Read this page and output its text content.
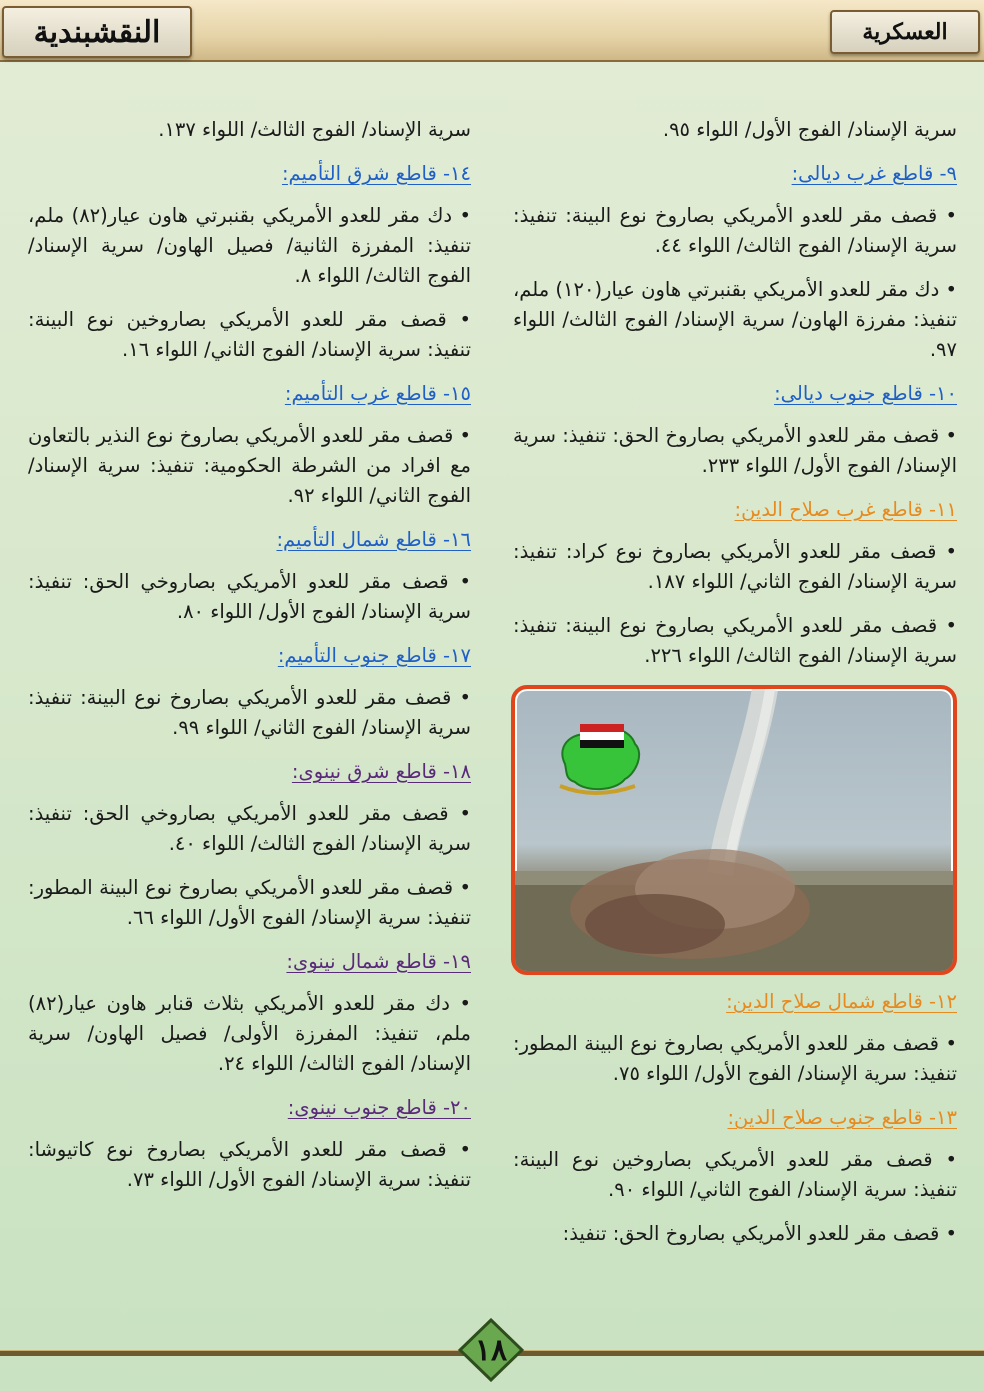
النقشبندية	العسكرية

سرية الإسناد/ الفوج الأول/ اللواء ٩٥.

٩- قاطع غرب ديالى:

• قصف مقر للعدو الأمريكي بصاروخ نوع البينة: تنفيذ: سرية الإسناد/ الفوج الثالث/ اللواء ٤٤.

• دك مقر للعدو الأمريكي بقنبرتي هاون عيار(١٢٠) ملم، تنفيذ: مفرزة الهاون/ سرية الإسناد/ الفوج الثالث/ اللواء ٩٧.

١٠- قاطع جنوب ديالى:

• قصف مقر للعدو الأمريكي بصاروخ الحق: تنفيذ: سرية الإسناد/ الفوج الأول/ اللواء ٢٣٣.

١١- قاطع غرب صلاح الدين:

• قصف مقر للعدو الأمريكي بصاروخ نوع كراد: تنفيذ: سرية الإسناد/ الفوج الثاني/ اللواء ١٨٧.

• قصف مقر للعدو الأمريكي بصاروخ نوع البينة: تنفيذ: سرية الإسناد/ الفوج الثالث/ اللواء ٢٢٦.

١٢- قاطع شمال صلاح الدين:

• قصف مقر للعدو الأمريكي بصاروخ نوع البينة المطور: تنفيذ: سرية الإسناد/ الفوج الأول/ اللواء ٧٥.

١٣- قاطع جنوب صلاح الدين:

• قصف مقر للعدو الأمريكي بصاروخين نوع البينة: تنفيذ: سرية الإسناد/ الفوج الثاني/ اللواء ٩٠.

• قصف مقر للعدو الأمريكي بصاروخ الحق: تنفيذ:

سرية الإسناد/ الفوج الثالث/ اللواء ١٣٧.

١٤- قاطع شرق التأميم:

• دك مقر للعدو الأمريكي بقنبرتي هاون عيار(٨٢) ملم، تنفيذ: المفرزة الثانية/ فصيل الهاون/ سرية الإسناد/ الفوج الثالث/ اللواء ٨.

• قصف مقر للعدو الأمريكي بصاروخين نوع البينة: تنفيذ: سرية الإسناد/ الفوج الثاني/ اللواء ١٦.

١٥- قاطع غرب التأميم:

• قصف مقر للعدو الأمريكي بصاروخ نوع النذير بالتعاون مع افراد من الشرطة الحكومية: تنفيذ: سرية الإسناد/ الفوج الثاني/ اللواء ٩٢.

١٦- قاطع شمال التأميم:

• قصف مقر للعدو الأمريكي بصاروخي الحق: تنفيذ: سرية الإسناد/ الفوج الأول/ اللواء ٨٠.

١٧- قاطع جنوب التأميم:

• قصف مقر للعدو الأمريكي بصاروخ نوع البينة: تنفيذ: سرية الإسناد/ الفوج الثاني/ اللواء ٩٩.

١٨- قاطع شرق نينوى:

• قصف مقر للعدو الأمريكي بصاروخي الحق: تنفيذ: سرية الإسناد/ الفوج الثالث/ اللواء ٤٠.

• قصف مقر للعدو الأمريكي بصاروخ نوع البينة المطور: تنفيذ: سرية الإسناد/ الفوج الأول/ اللواء ٦٦.

١٩- قاطع شمال نينوى:

• دك مقر للعدو الأمريكي بثلاث قنابر هاون عيار(٨٢) ملم، تنفيذ: المفرزة الأولى/ فصيل الهاون/ سرية الإسناد/ الفوج الثالث/ اللواء ٢٤.

٢٠- قاطع جنوب نينوى:

• قصف مقر للعدو الأمريكي بصاروخ نوع كاتيوشا: تنفيذ: سرية الإسناد/ الفوج الأول/ اللواء ٧٣.

١٨
